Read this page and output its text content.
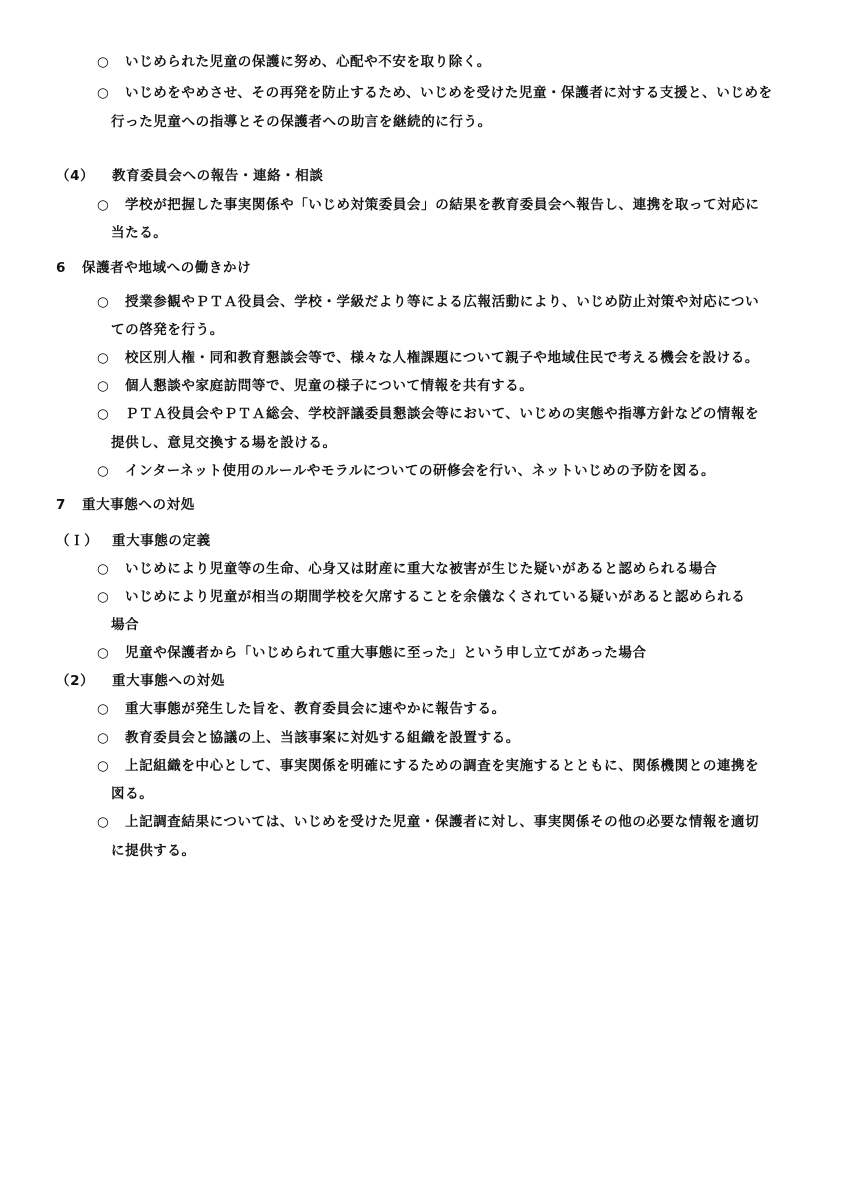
○ いじめられた児童の保護に努め、心配や不安を取り除く。
○ いじめをやめさせ、その再発を防止するため、いじめを受けた児童・保護者に対する支援と、いじめを
行った児童への指導とその保護者への助言を継続的に行う。
（4） 教育委員会への報告・連絡・相談
○ 学校が把握した事実関係や「いじめ対策委員会」の結果を教育委員会へ報告し、連携を取って対応に
当たる。
6 保護者や地域への働きかけ
○ 授業参観やＰＴＡ役員会、学校・学級だより等による広報活動により、いじめ防止対策や対応につい
ての啓発を行う。
○ 校区別人権・同和教育懇談会等で、様々な人権課題について親子や地域住民で考える機会を設ける。
○ 個人懇談や家庭訪問等で、児童の様子について情報を共有する。
○ ＰＴＡ役員会やＰＴＡ総会、学校評議委員懇談会等において、いじめの実態や指導方針などの情報を
提供し、意見交換する場を設ける。
○ インターネット使用のルールやモラルについての研修会を行い、ネットいじめの予防を図る。
7 重大事態への対処
（Ｉ） 重大事態の定義
○ いじめにより児童等の生命、心身又は財産に重大な被害が生じた疑いがあると認められる場合
○ いじめにより児童が相当の期間学校を欠席することを余儀なくされている疑いがあると認められる
場合
○ 児童や保護者から「いじめられて重大事態に至った」という申し立てがあった場合
（2） 重大事態への対処
○ 重大事態が発生した旨を、教育委員会に速やかに報告する。
○ 教育委員会と協議の上、当該事案に対処する組織を設置する。
○ 上記組織を中心として、事実関係を明確にするための調査を実施するとともに、関係機関との連携を
図る。
○ 上記調査結果については、いじめを受けた児童・保護者に対し、事実関係その他の必要な情報を適切
に提供する。
